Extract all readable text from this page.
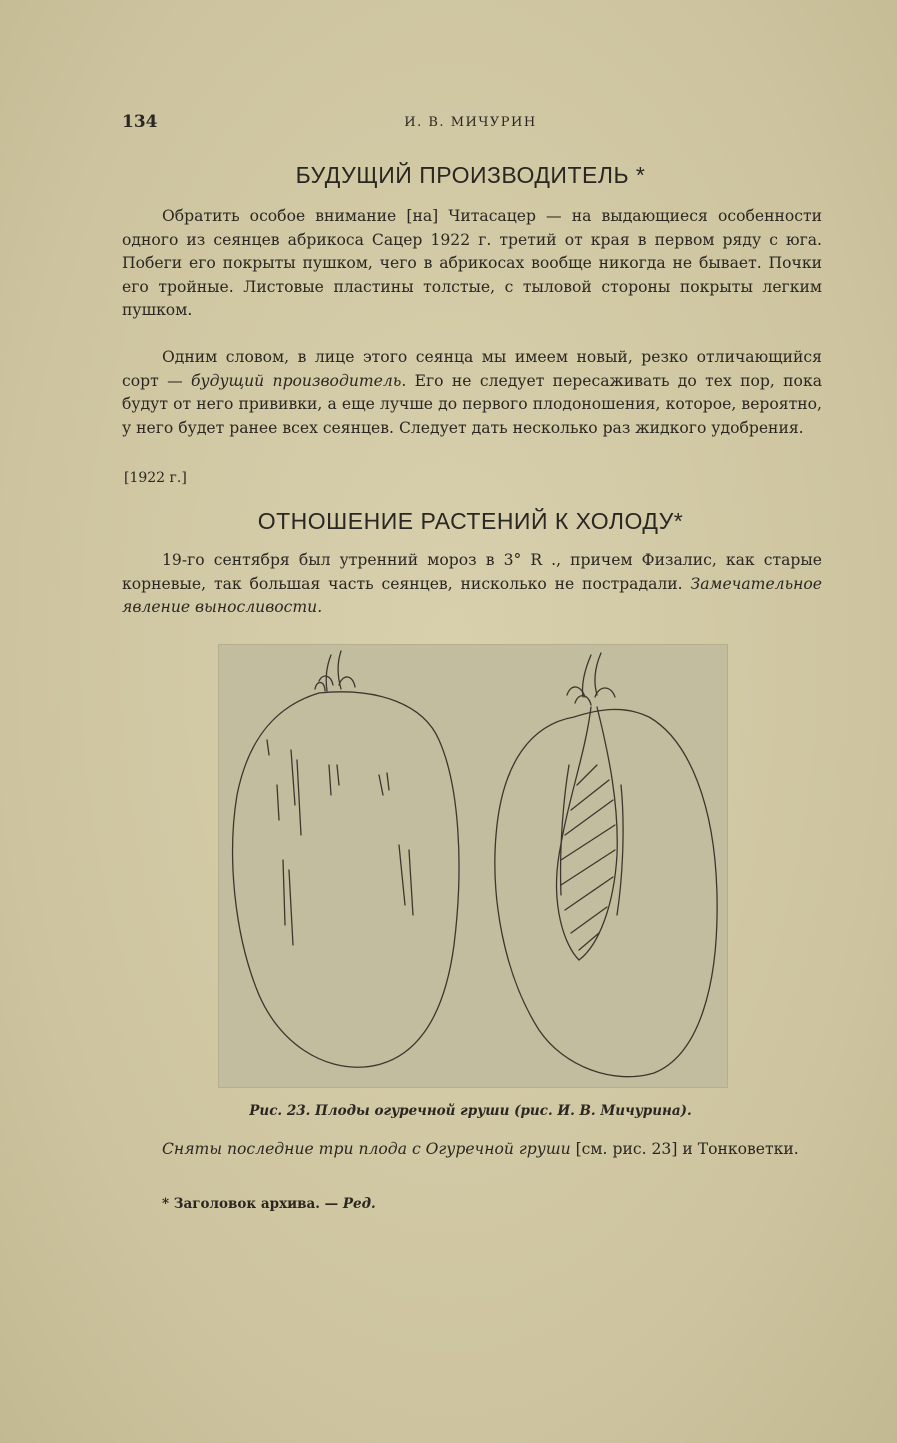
134	И. В. МИЧУРИН
БУДУЩИЙ ПРОИЗВОДИТЕЛЬ *

Обратить особое внимание [на] Читасацер — на выдающиеся особенности одного из сеянцев абрикоса Сацер 1922 г. третий от края в первом ряду с юга. Побеги его покрыты пушком, чего в абрикосах вообще никогда не бывает. Почки его тройные. Листовые пластины толстые, с тыловой стороны покрыты легким пушком.

Одним словом, в лице этого сеянца мы имеем новый, резко отличающийся сорт — будущий производитель. Его не следует пересаживать до тех пор, пока будут от него прививки, а еще лучше до первого плодоношения, которое, вероятно, у него будет ранее всех сеянцев. Следует дать несколько раз жидкого удобрения.

[1922 г.]
ОТНОШЕНИЕ РАСТЕНИЙ К ХОЛОДУ*

19-го сентября был утренний мороз в 3° R ., причем Физалис, как старые корневые, так большая часть сеянцев, нисколько не пострадали. Замечательное явление выносливости.

Рис. 23. Плоды огуречной груши (рис. И. В. Мичурина).

Сняты последние три плода с Огуречной груши [см. рис. 23] и Тонковетки.

* Заголовок архива. — Ред.
